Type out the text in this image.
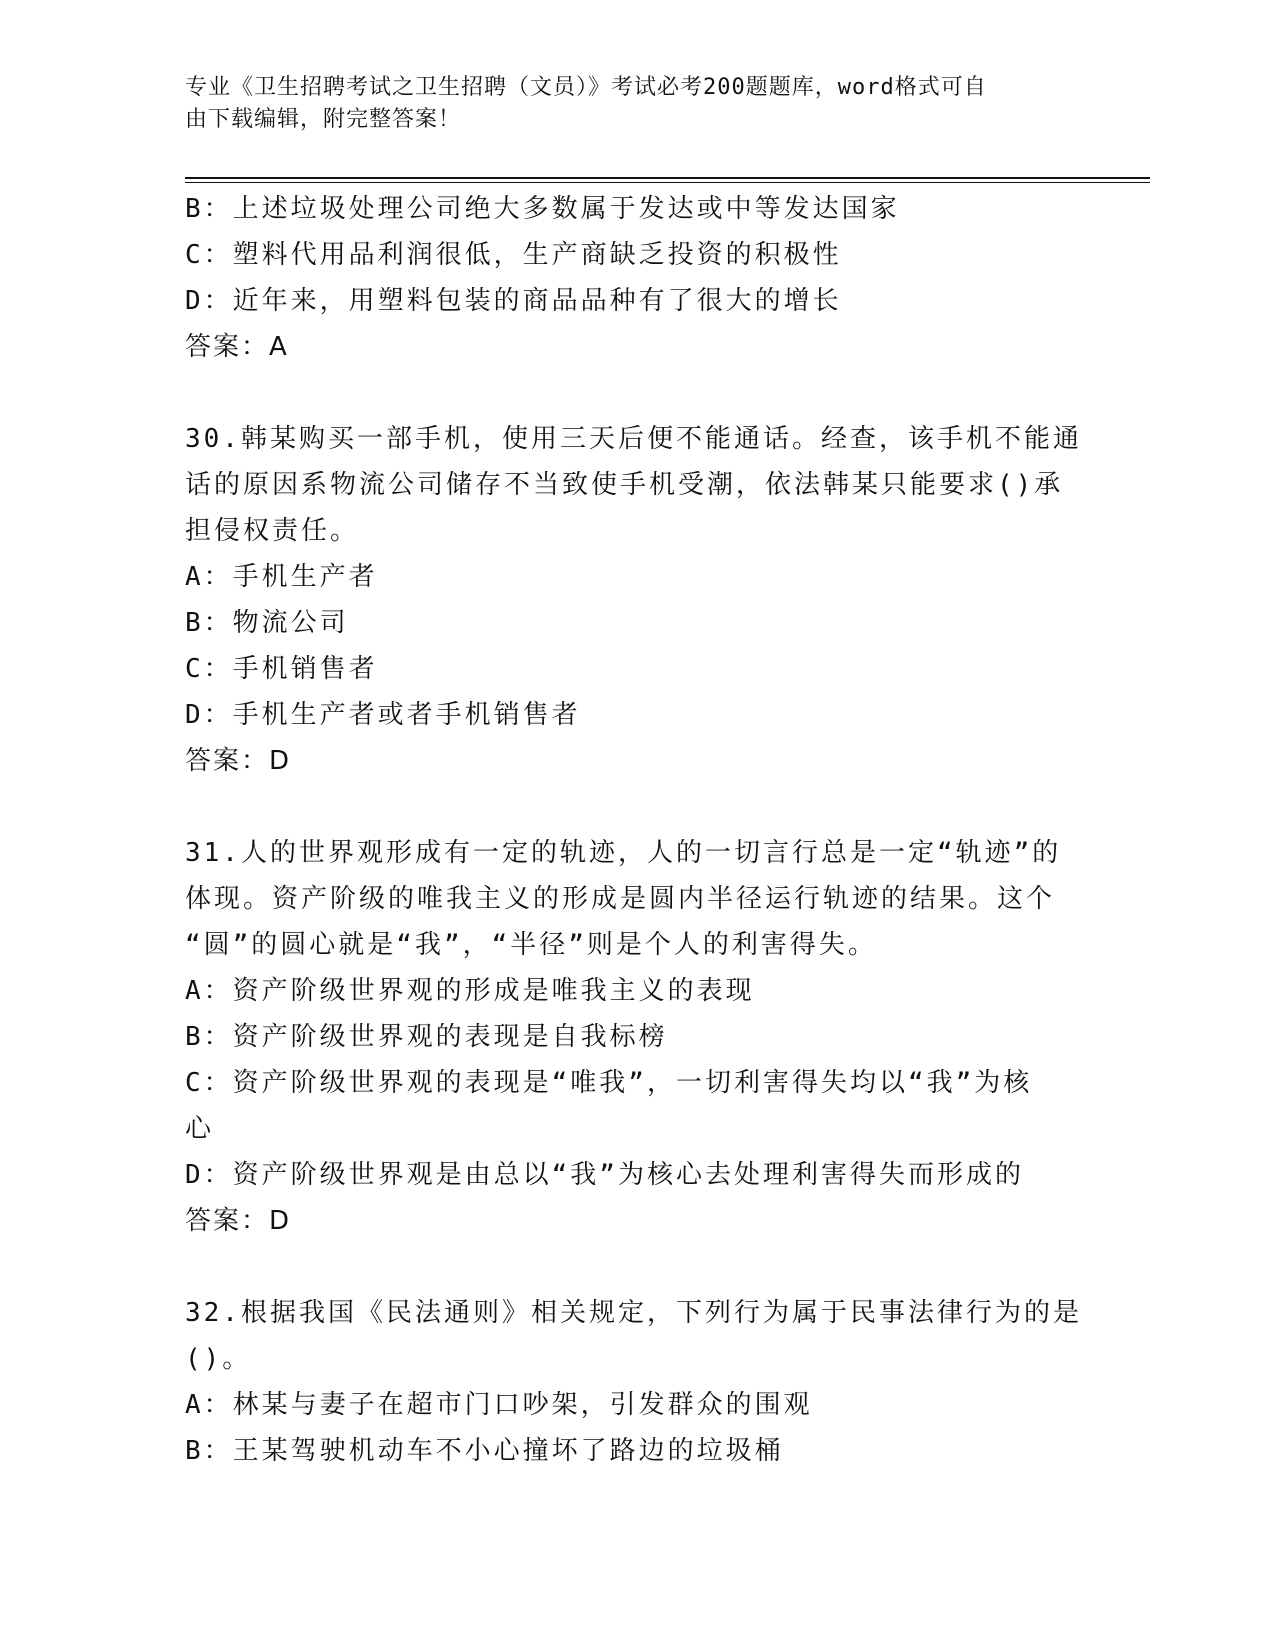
专业《卫生招聘考试之卫生招聘（文员）》考试必考200题题库，word格式可自
由下载编辑，附完整答案！
B：上述垃圾处理公司绝大多数属于发达或中等发达国家
C：塑料代用品利润很低，生产商缺乏投资的积极性
D：近年来，用塑料包装的商品品种有了很大的增长
答案：A
30.韩某购买一部手机，使用三天后便不能通话。经查，该手机不能通
话的原因系物流公司储存不当致使手机受潮，依法韩某只能要求()承
担侵权责任。
A：手机生产者
B：物流公司
C：手机销售者
D：手机生产者或者手机销售者
答案：D
31.人的世界观形成有一定的轨迹，人的一切言行总是一定“轨迹”的
体现。资产阶级的唯我主义的形成是圆内半径运行轨迹的结果。这个
“圆”的圆心就是“我”，“半径”则是个人的利害得失。
A：资产阶级世界观的形成是唯我主义的表现
B：资产阶级世界观的表现是自我标榜
C：资产阶级世界观的表现是“唯我”，一切利害得失均以“我”为核
心
D：资产阶级世界观是由总以“我”为核心去处理利害得失而形成的
答案：D
32.根据我国《民法通则》相关规定，下列行为属于民事法律行为的是
()。
A：林某与妻子在超市门口吵架，引发群众的围观
B：王某驾驶机动车不小心撞坏了路边的垃圾桶
